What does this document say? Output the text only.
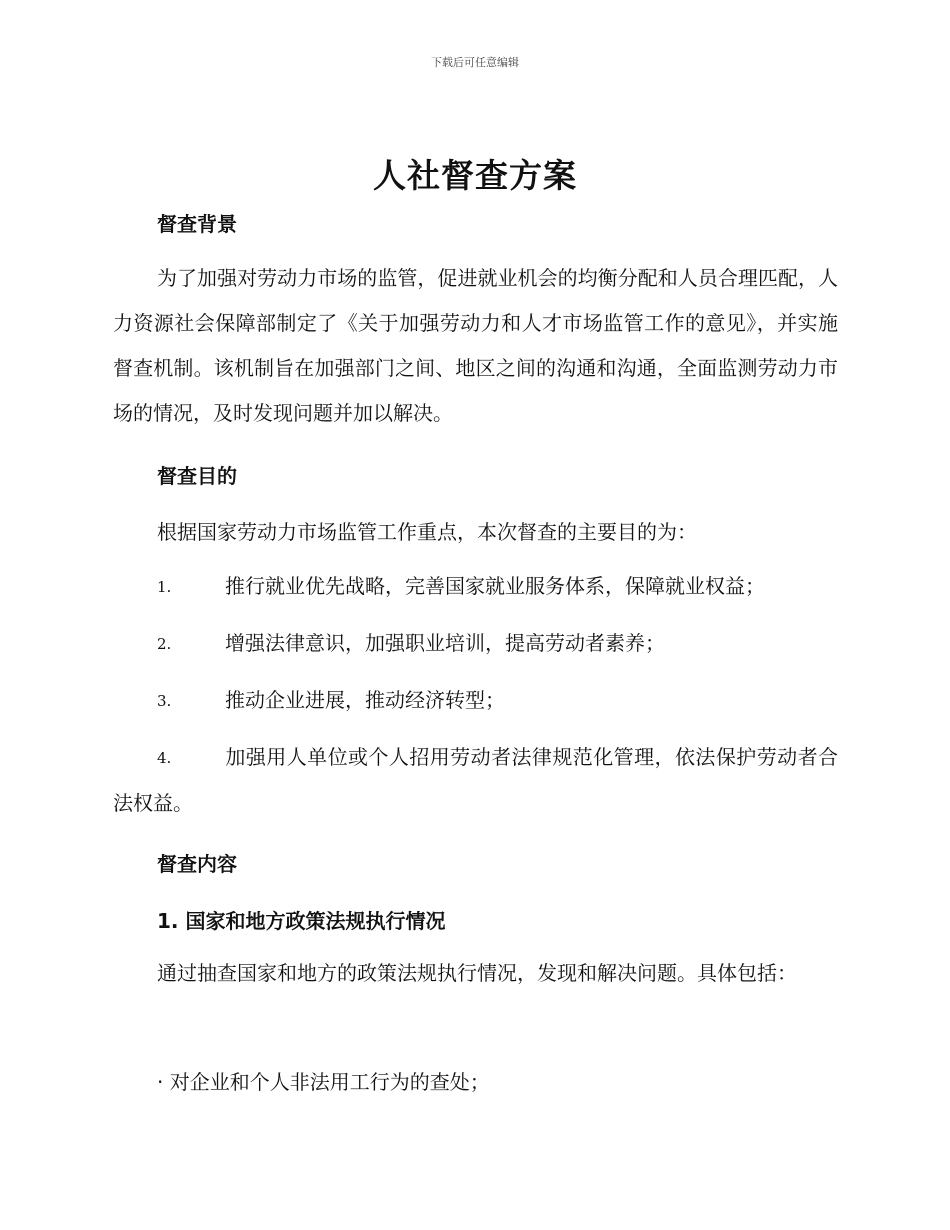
下载后可任意编辑
人社督查方案
督查背景

为了加强对劳动力市场的监管，促进就业机会的均衡分配和人员合理匹配，人力资源社会保障部制定了《关于加强劳动力和人才市场监管工作的意见》，并实施督查机制。该机制旨在加强部门之间、地区之间的沟通和沟通，全面监测劳动力市场的情况，及时发现问题并加以解决。

督查目的

根据国家劳动力市场监管工作重点，本次督查的主要目的为：

1.	推行就业优先战略，完善国家就业服务体系，保障就业权益；

2.	增强法律意识，加强职业培训，提高劳动者素养；

3.	推动企业进展，推动经济转型；

4.	加强用人单位或个人招用劳动者法律规范化管理，依法保护劳动者合法权益。

督查内容
1. 国家和地方政策法规执行情况

通过抽查国家和地方的政策法规执行情况，发现和解决问题。具体包括：

· 对企业和个人非法用工行为的查处；
